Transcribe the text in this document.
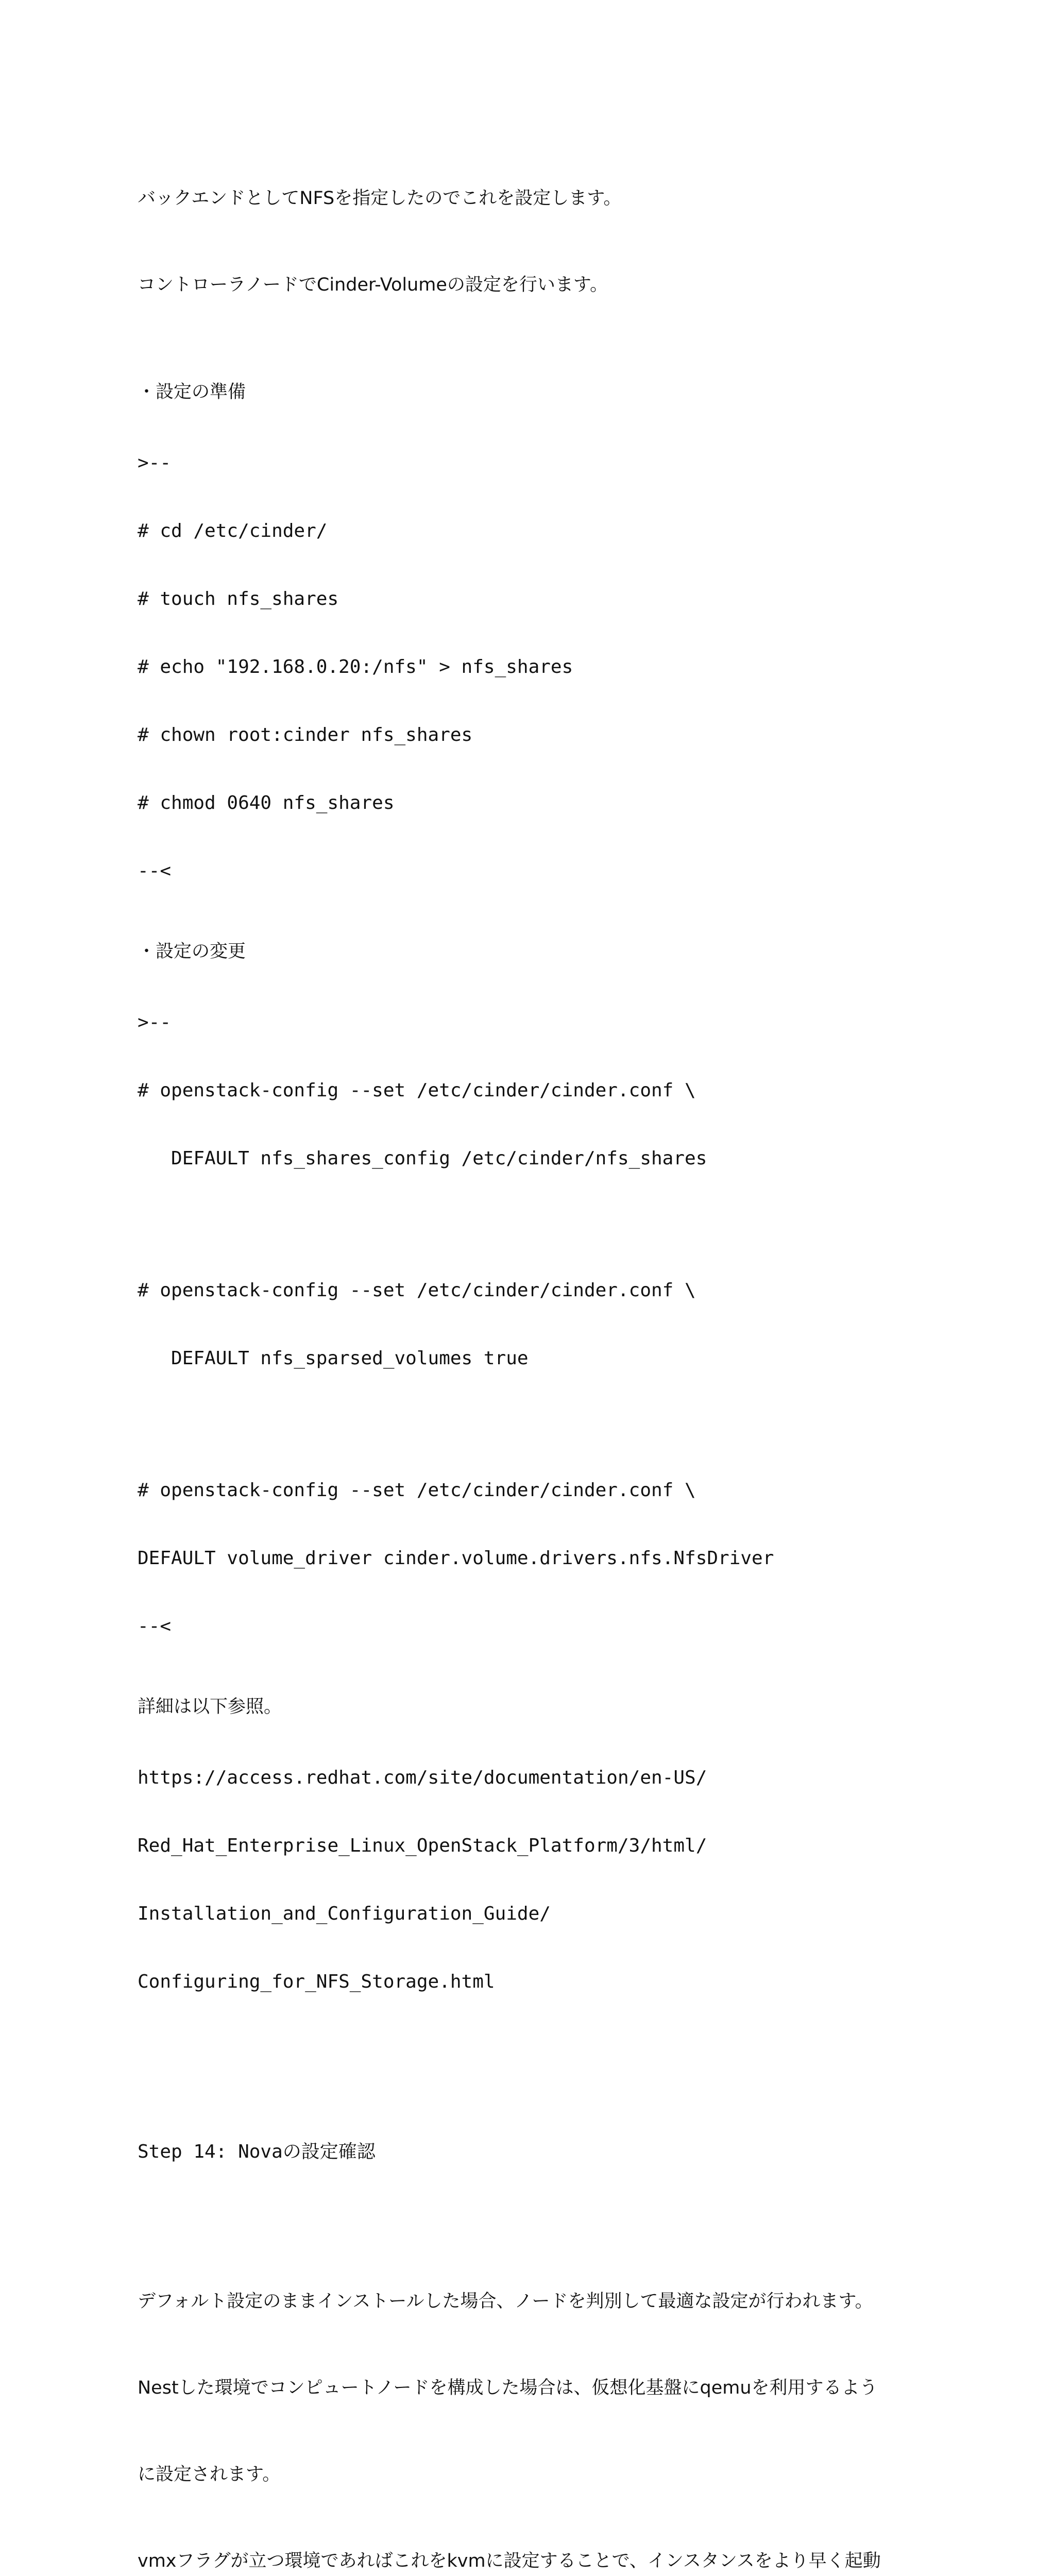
バックエンドとしてNFSを指定したのでこれを設定します。

コントローラノードでCinder-Volumeの設定を行います。

・設定の準備

>--

# cd /etc/cinder/

# touch nfs_shares

# echo "192.168.0.20:/nfs" > nfs_shares

# chown root:cinder nfs_shares

# chmod 0640 nfs_shares

--<

・設定の変更

>--

# openstack-config --set /etc/cinder/cinder.conf \

DEFAULT nfs_shares_config /etc/cinder/nfs_shares

# openstack-config --set /etc/cinder/cinder.conf \

DEFAULT nfs_sparsed_volumes true

# openstack-config --set /etc/cinder/cinder.conf \

DEFAULT volume_driver cinder.volume.drivers.nfs.NfsDriver

--<

詳細は以下参照。

https://access.redhat.com/site/documentation/en-US/

Red_Hat_Enterprise_Linux_OpenStack_Platform/3/html/

Installation_and_Configuration_Guide/

Configuring_for_NFS_Storage.html

Step 14: Novaの設定確認

デフォルト設定のままインストールした場合、ノードを判別して最適な設定が行われます。

Nestした環境でコンピュートノードを構成した場合は、仮想化基盤にqemuを利用するよう

に設定されます。

vmxフラグが立つ環境であればこれをkvmに設定することで、インスタンスをより早く起動
